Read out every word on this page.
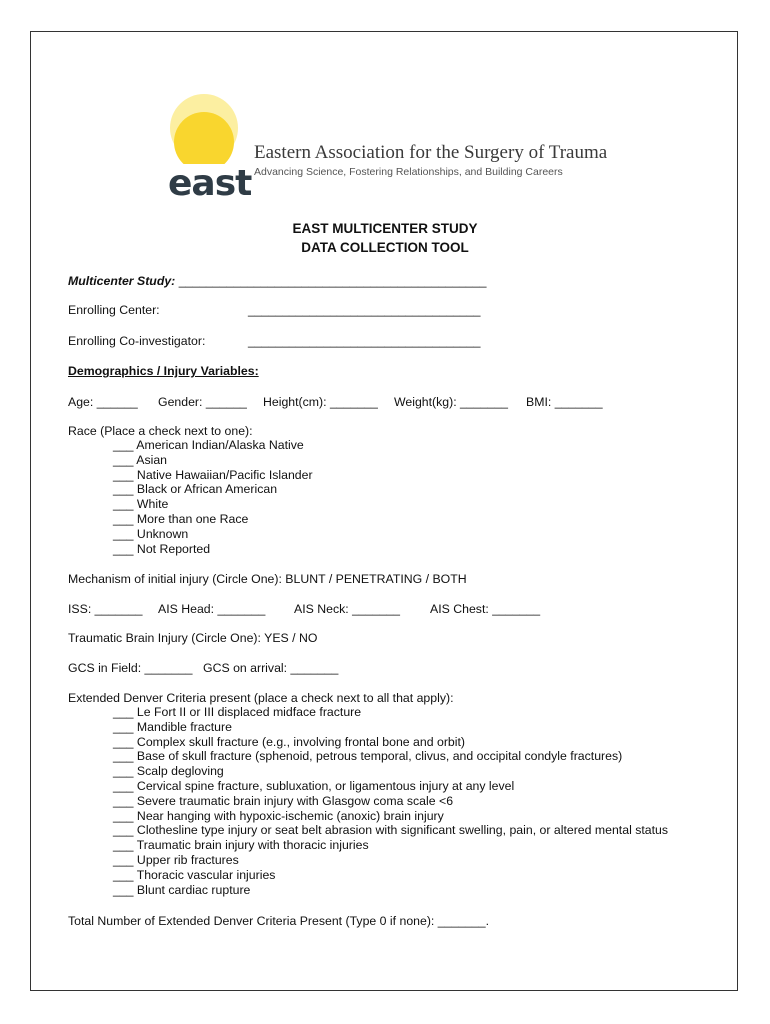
east
Eastern Association for the Surgery of Trauma
Advancing Science, Fostering Relationships, and Building Careers
EAST MULTICENTER STUDY
DATA COLLECTION TOOL
Multicenter Study: _____________________________________________
Enrolling Center:	__________________________________
Enrolling Co-investigator:	__________________________________
Demographics / Injury Variables:
Age: ______ Gender: ______ Height(cm): _______ Weight(kg): _______ BMI: _______
Race (Place a check next to one):
___ American Indian/Alaska Native
___ Asian
___ Native Hawaiian/Pacific Islander
___ Black or African American
___ White
___ More than one Race
___ Unknown
___ Not Reported
Mechanism of initial injury (Circle One): BLUNT / PENETRATING / BOTH
ISS: _______ AIS Head: _______ AIS Neck: _______ AIS Chest: _______
Traumatic Brain Injury (Circle One): YES / NO
GCS in Field: _______ GCS on arrival: _______
Extended Denver Criteria present (place a check next to all that apply):
___ Le Fort II or III displaced midface fracture
___ Mandible fracture
___ Complex skull fracture (e.g., involving frontal bone and orbit)
___ Base of skull fracture (sphenoid, petrous temporal, clivus, and occipital condyle fractures)
___ Scalp degloving
___ Cervical spine fracture, subluxation, or ligamentous injury at any level
___ Severe traumatic brain injury with Glasgow coma scale <6
___ Near hanging with hypoxic-ischemic (anoxic) brain injury
___ Clothesline type injury or seat belt abrasion with significant swelling, pain, or altered mental status
___ Traumatic brain injury with thoracic injuries
___ Upper rib fractures
___ Thoracic vascular injuries
___ Blunt cardiac rupture
Total Number of Extended Denver Criteria Present (Type 0 if none): _______.
